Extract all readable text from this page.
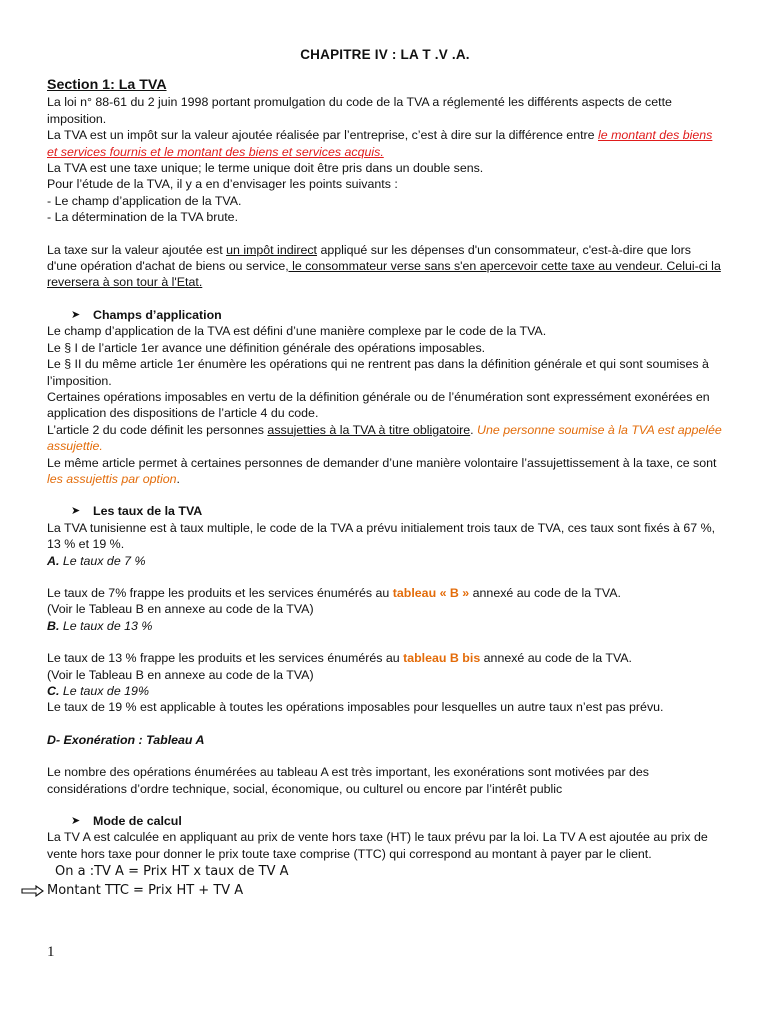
CHAPITRE IV : LA T .V .A.

Section 1: La TVA

La loi n° 88-61 du 2 juin 1998 portant promulgation du code de la TVA a réglementé les différents aspects de cette imposition.

La TVA est un impôt sur la valeur ajoutée réalisée par l’entreprise, c’est à dire sur la différence entre le montant des biens et services fournis et le montant des biens et services acquis.

La TVA est une taxe unique; le terme unique doit être pris dans un double sens.

Pour l’étude de la TVA, il y a en d’envisager les points suivants :

- Le champ d’application de la TVA.

- La détermination de la TVA brute.

La taxe sur la valeur ajoutée est un impôt indirect appliqué sur les dépenses d'un consommateur, c'est-à-dire que lors d'une opération d'achat de biens ou service, le consommateur verse sans s'en apercevoir cette taxe au vendeur. Celui-ci la reversera à son tour à l'Etat.

➤	Champs d’application

Le champ d’application de la TVA est défini d’une manière complexe par le code de la TVA.

Le § I de l’article 1er avance une définition générale des opérations imposables.

Le § II du même article 1er énumère les opérations qui ne rentrent pas dans la définition générale et qui sont soumises à l’imposition.

Certaines opérations imposables en vertu de la définition générale ou de l’énumération sont expressément exonérées en application des dispositions de l’article 4 du code.

L’article 2 du code définit les personnes assujetties à la TVA à titre obligatoire. Une personne soumise à la TVA est appelée assujettie.

Le même article permet à certaines personnes de demander d’une manière volontaire l’assujettissement à la taxe, ce sont les assujettis par option.

➤	Les taux de la TVA

La TVA tunisienne est à taux multiple, le code de la TVA a prévu initialement trois taux de TVA, ces taux sont fixés à 67 %, 13 % et 19 %.

A. Le taux de 7 %

Le taux de 7% frappe les produits et les services énumérés au tableau « B » annexé au code de la TVA.

(Voir le Tableau B en annexe au code de la TVA)

B. Le taux de 13 %

Le taux de 13 % frappe les produits et les services énumérés au tableau B bis annexé au code de la TVA.

(Voir le Tableau B en annexe au code de la TVA)

C. Le taux de 19%

Le taux de 19 % est applicable à toutes les opérations imposables pour lesquelles un autre taux n’est pas prévu.

D- Exonération : Tableau A

Le nombre des opérations énumérées au tableau A est très important, les exonérations sont motivées par des considérations d’ordre technique, social, économique, ou culturel ou encore par l’intérêt public

➤	Mode de calcul

La TV A est calculée en appliquant au prix de vente hors taxe (HT) le taux prévu par la loi. La TV A est ajoutée au prix de vente hors taxe pour donner le prix toute taxe comprise (TTC) qui correspond au montant à payer par le client.

On a :TV A = Prix HT x taux de TV A

Montant TTC = Prix HT + TV A
1
